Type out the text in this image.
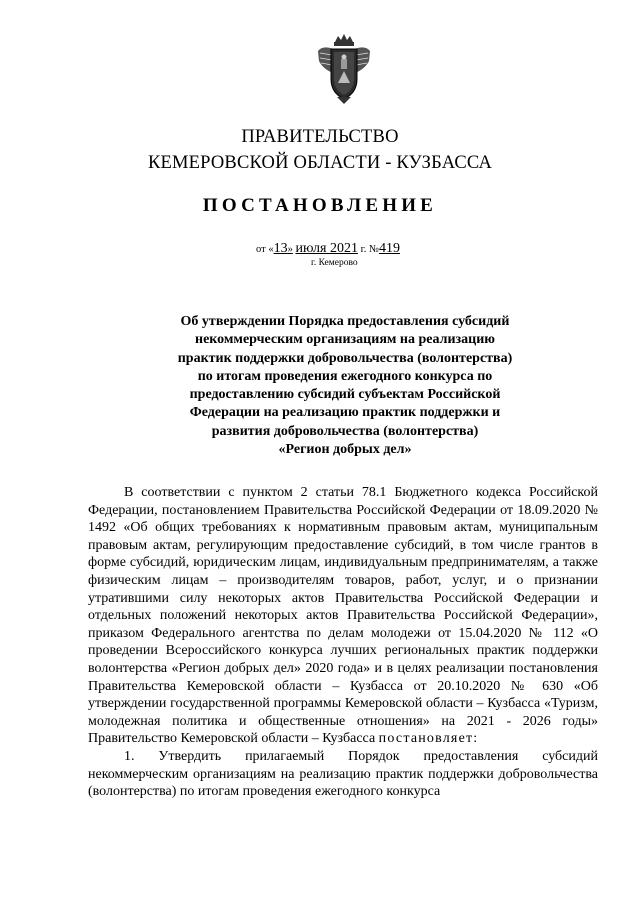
ПРАВИТЕЛЬСТВО
КЕМЕРОВСКОЙ ОБЛАСТИ - КУЗБАССА
ПОСТАНОВЛЕНИЕ
от «13» июля 2021 г. №419
г. Кемерово
Об утверждении Порядка предоставления субсидий
некоммерческим организациям на реализацию
практик поддержки добровольчества (волонтерства)
по итогам проведения ежегодного конкурса по
предоставлению субсидий субъектам Российской
Федерации на реализацию практик поддержки и
развития добровольчества (волонтерства)
«Регион добрых дел»

В соответствии с пунктом 2 статьи 78.1 Бюджетного кодекса Российской Федерации, постановлением Правительства Российской Федерации от 18.09.2020 № 1492 «Об общих требованиях к нормативным правовым актам, муниципальным правовым актам, регулирующим предоставление субсидий, в том числе грантов в форме субсидий, юридическим лицам, индивидуальным предпринимателям, а также физическим лицам – производителям товаров, работ, услуг, и о признании утратившими силу некоторых актов Правительства Российской Федерации и отдельных положений некоторых актов Правительства Российской Федерации», приказом Федерального агентства по делам молодежи от 15.04.2020 № 112 «О проведении Всероссийского конкурса лучших региональных практик поддержки волонтерства «Регион добрых дел» 2020 года» и в целях реализации постановления Правительства Кемеровской области – Кузбасса от 20.10.2020 № 630 «Об утверждении государственной программы Кемеровской области – Кузбасса «Туризм, молодежная политика и общественные отношения» на 2021 - 2026 годы» Правительство Кемеровской области – Кузбасса постановляет:

1. Утвердить прилагаемый Порядок предоставления субсидий некоммерческим организациям на реализацию практик поддержки добровольчества (волонтерства) по итогам проведения ежегодного конкурса
